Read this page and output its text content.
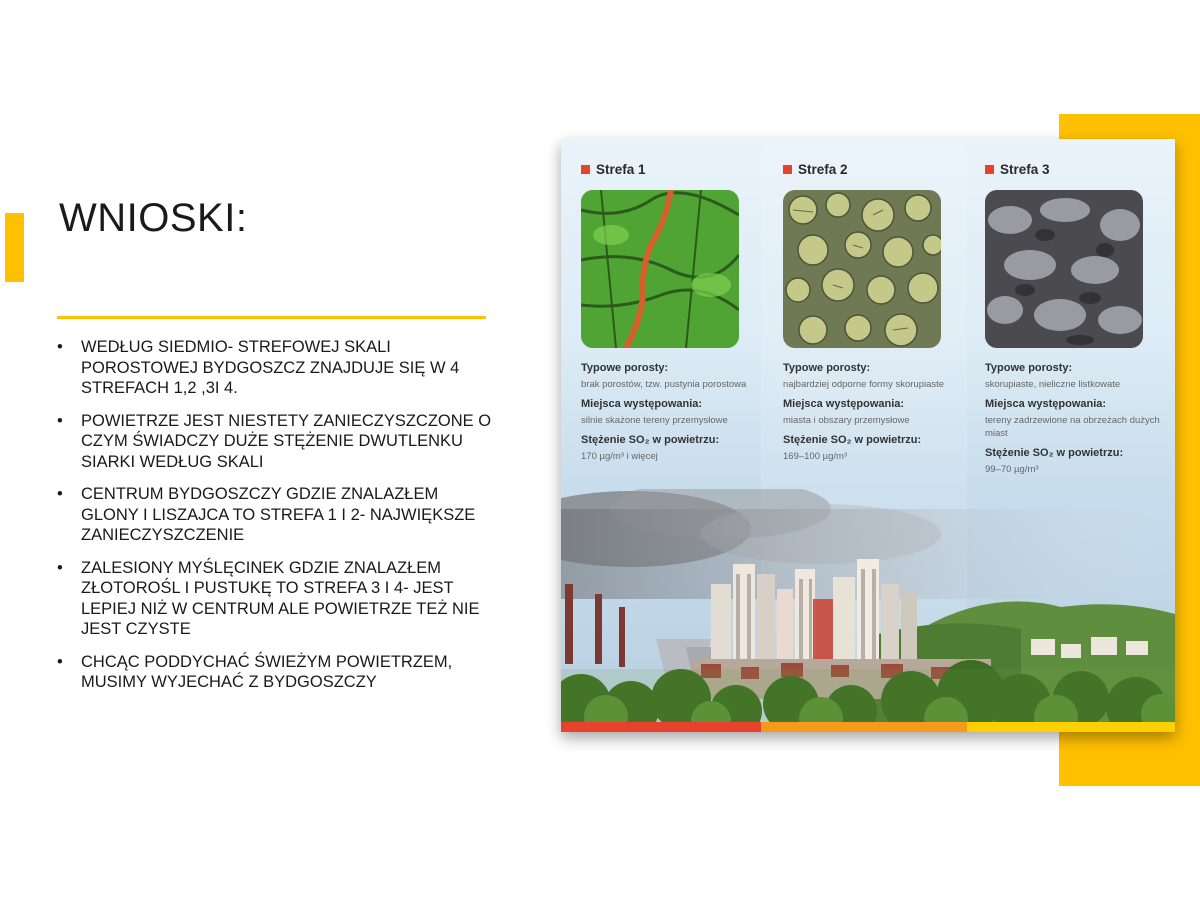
WNIOSKI:
• WEDŁUG SIEDMIO- STREFOWEJ SKALI POROSTOWEJ BYDGOSZCZ ZNAJDUJE SIĘ W 4 STREFACH 1,2 ,3I 4.
• POWIETRZE JEST NIESTETY ZANIECZYSZCZONE O CZYM ŚWIADCZY DUŻE STĘŻENIE DWUTLENKU SIARKI WEDŁUG SKALI
• CENTRUM BYDGOSZCZY GDZIE ZNALAZŁEM GLONY I LISZAJCA TO STREFA 1 I 2- NAJWIĘKSZE ZANIECZYSZCZENIE
• ZALESIONY MYŚLĘCINEK GDZIE ZNALAZŁEM ZŁOTOROŚL I PUSTUKĘ TO STREFA 3 I 4- JEST LEPIEJ NIŻ W CENTRUM ALE POWIETRZE TEŻ NIE JEST CZYSTE
• CHCĄC PODDYCHAĆ ŚWIEŻYM POWIETRZEM, MUSIMY WYJECHAĆ Z BYDGOSZCZY
Strefa 1
Typowe porosty:
brak porostów, tzw. pustynia porostowa
Miejsca występowania:
silnie skażone tereny przemysłowe
Stężenie SO₂ w powietrzu:
170 µg/m³ i więcej
Strefa 2
Typowe porosty:
najbardziej odporne formy skorupiaste
Miejsca występowania:
miasta i obszary przemysłowe
Stężenie SO₂ w powietrzu:
169–100 µg/m³
Strefa 3
Typowe porosty:
skorupiaste, nieliczne listkowate
Miejsca występowania:
tereny zadrzewione na obrzeżach dużych miast
Stężenie SO₂ w powietrzu:
99–70 µg/m³
